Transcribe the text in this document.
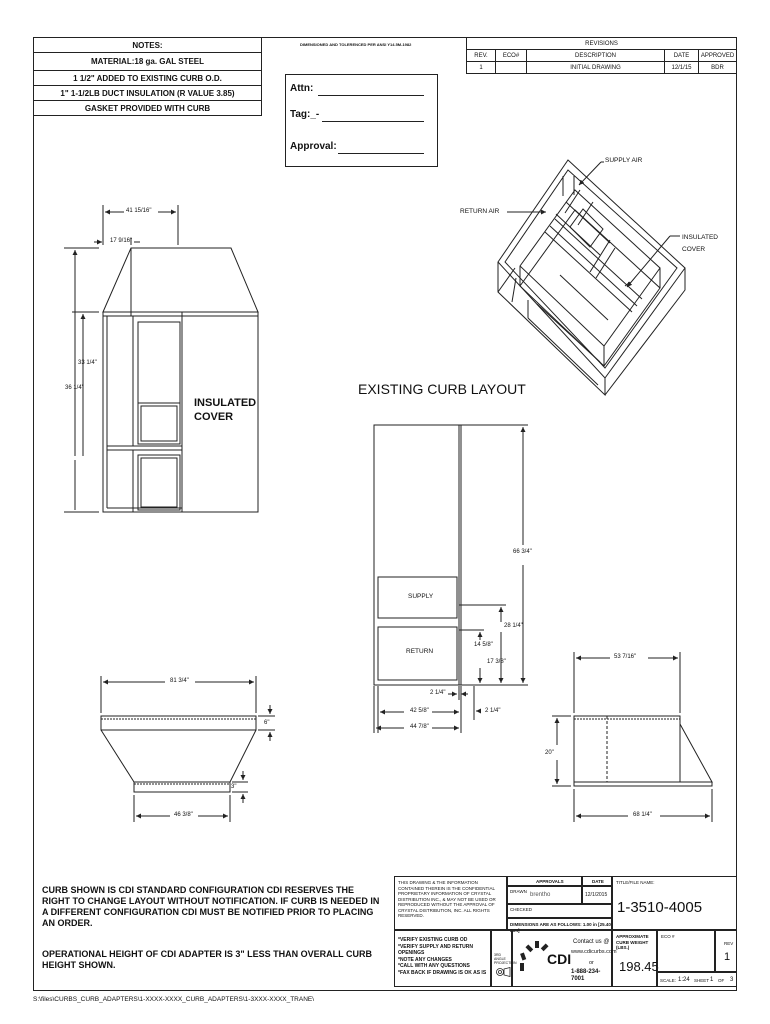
NOTES:
MATERIAL:18 ga. GAL STEEL
1 1/2" ADDED TO EXISTING CURB O.D.
1" 1-1/2LB DUCT INSULATION (R VALUE 3.85)
GASKET PROVIDED WITH CURB
DIMENSIONED AND TOLERENCED PER ANSI Y14.5M-1982	REVISIONS				
REV.	ECO#	DESCRIPTION	DATE	APPROVED
1		INITIAL DRAWING	12/1/15	BDR
Attn:
Tag:_-
Approval:
SUPPLY AIR
RETURN AIR
INSULATED COVER
INSULATED COVER
41 15/16"
17 9/16"
33 1/4"
36 1/4"	EXISTING CURB LAYOUT
SUPPLY
RETURN
66 3/4"
28 1/4"
14 5/8"
17 3/8"
2 1/4"
2 1/4"
42 5/8"
44 7/8"
81 3/4"
6"
3"
46 3/8"
53 7/16"
20"
68 1/4"
CURB SHOWN IS CDI STANDARD CONFIGURATION CDI RESERVES THE RIGHT TO CHANGE LAYOUT WITHOUT NOTIFICATION. IF CURB IS NEEDED IN A DIFFERENT CONFIGURATION CDI MUST BE NOTIFIED PRIOR TO PLACING AN ORDER.
OPERATIONAL HEIGHT OF CDI ADAPTER IS 3" LESS THAN OVERALL CURB HEIGHT SHOWN.
THIS DRAWING & THE INFORMATION CONTAINED THEREIN IS THE CONFIDENTIAL PROPRIETARY INFORMATION OF CRYSTAL DISTRIBUTION INC., & MAY NOT BE USED OR REPRODUCED WITHOUT THE APPROVAL OF CRYSTAL DISTRIBUTION, INC. ALL RIGHTS RESERVED.
APPROVALS	DATE
DRAWN
brentho	12/1/2015
CHECKED
DIMENSIONS ARE AS FOLLOWS: 1.00 in [25.40 mm]
TITLE/FILE NAME:
1-3510-4005
*VERIFY EXISTING CURB OD
*VERIFY SUPPLY AND RETURN OPENINGS
*NOTE ANY CHANGES
*CALL WITH ANY QUESTIONS
*FAX BACK IF DRAWING IS OK AS IS
3RD ANGLE PROJECTION CDI
Contact us @
www.cdicurbs.com
or
1-888-234-7001
APPROXIMATE CURB WEIGHT (LBS.)
198.45
ECO #
REV
1
SCALE: 1:24 SHEET 1 OF 3
S:\files\CURBS_CURB_ADAPTERS\1-XXXX-XXXX_CURB_ADAPTERS\1-3XXX-XXXX_TRANE\
